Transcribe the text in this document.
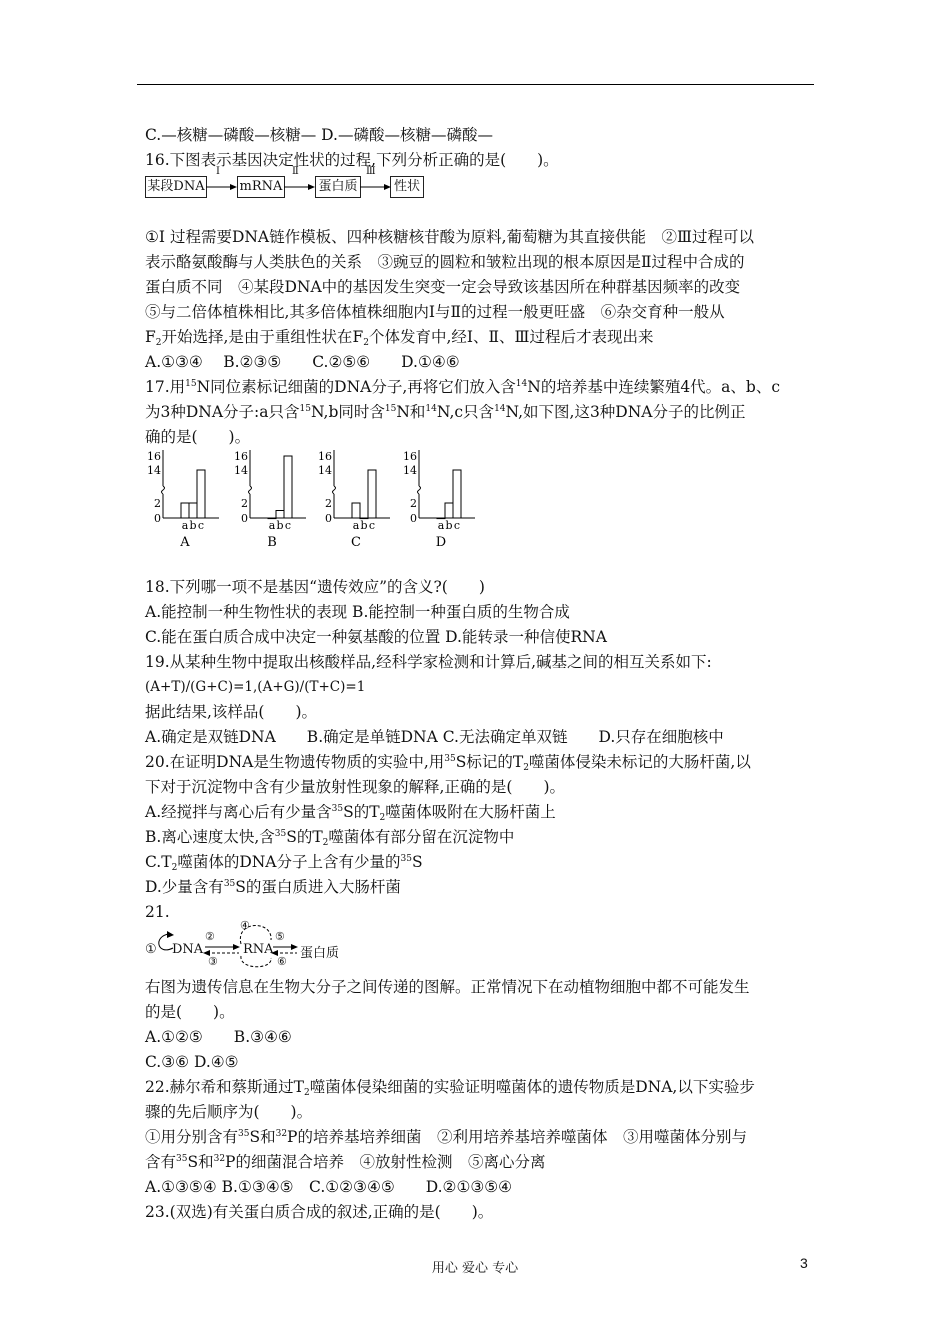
C.—核糖—磷酸—核糖— D.—磷酸—核糖—磷酸—
16.下图表示基因决定性状的过程,下列分析正确的是(　　)。
某段DNA	mRNA	蛋白质	性状
Ⅰ	Ⅱ	Ⅲ
①Ⅰ 过程需要DNA链作模板、四种核糖核苷酸为原料,葡萄糖为其直接供能　②Ⅲ过程可以
表示酪氨酸酶与人类肤色的关系　③豌豆的圆粒和皱粒出现的根本原因是Ⅱ过程中合成的
蛋白质不同　④某段DNA中的基因发生突变一定会导致该基因所在种群基因频率的改变
⑤与二倍体植株相比,其多倍体植株细胞内Ⅰ与Ⅱ的过程一般更旺盛　⑥杂交育种一般从
$F_2$开始选择,是由于重组性状在$F_2$个体发育中,经Ⅰ、Ⅱ、Ⅲ过程后才表现出来
A.①③④　 B.②③⑤　　C.②⑤⑥　　D.①④⑥
17.用$^{15}$N同位素标记细菌的DNA分子,再将它们放入含$^{14}$N的培养基中连续繁殖4代。a、b、c
为3种DNA分子:a只含$^{15}$N,b同时含$^{15}$N和$^{14}$N,c只含$^{14}$N,如下图,这3种DNA分子的比例正
确的是(　　)。
16
14
2
0
a b c
A
16
14
2
0
a b c
B
16
14
2
0
a b c
C
16
14
2
0
a b c
D
18.下列哪一项不是基因“遗传效应”的含义?(　　)
A.能控制一种生物性状的表现 B.能控制一种蛋白质的生物合成
C.能在蛋白质合成中决定一种氨基酸的位置 D.能转录一种信使RNA
19.从某种生物中提取出核酸样品,经科学家检测和计算后,碱基之间的相互关系如下:
(A+T)/(G+C)=1,(A+G)/(T+C)=1
据此结果,该样品(　　)。
A.确定是双链DNA　　B.确定是单链DNA C.无法确定单双链　　D.只存在细胞核中
20.在证明DNA是生物遗传物质的实验中,用$^{35}$S标记的$T_2$噬菌体侵染未标记的大肠杆菌,以
下对于沉淀物中含有少量放射性现象的解释,正确的是(　　)。
A.经搅拌与离心后有少量含$^{35}$S的$T_2$噬菌体吸附在大肠杆菌上
B.离心速度太快,含$^{35}$S的$T_2$噬菌体有部分留在沉淀物中
$C.T_2$噬菌体的DNA分子上含有少量的$^{35}$S
D.少量含有$^{35}$S的蛋白质进入大肠杆菌
21.
① DNA
②
③
④
RNA
⑤
⑥
蛋白质
右图为遗传信息在生物大分子之间传递的图解。正常情况下在动植物细胞中都不可能发生
的是(　　)。
A.①②⑤　　B.③④⑥
C.③⑥ D.④⑤
22.赫尔希和蔡斯通过$T_2$噬菌体侵染细菌的实验证明噬菌体的遗传物质是DNA,以下实验步
骤的先后顺序为(　　)。
①用分别含有$^{35}$S和$^{32}$P的培养基培养细菌　②利用培养基培养噬菌体　③用噬菌体分别与
含有$^{35}$S和$^{32}$P的细菌混合培养　④放射性检测　⑤离心分离
A.①③⑤④ B.①③④⑤　C.①②③④⑤　　D.②①③⑤④
23.(双选)有关蛋白质合成的叙述,正确的是(　　)。
用心 爱心 专心	3
